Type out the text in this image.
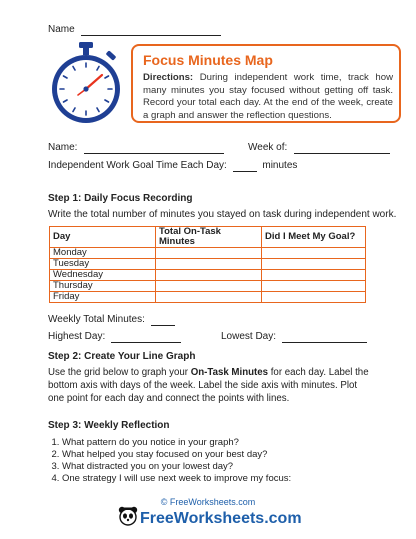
Name
Focus Minutes Map
Directions: During independent work time, track how many minutes you stay focused without getting off task. Record your total each day. At the end of the week, create a graph and answer the reflection questions.
Name:	Week of:
Independent Work Goal Time Each Day:	minutes
Step 1: Daily Focus Recording
Write the total number of minutes you stayed on task during independent work.
Day	Total On-Task Minutes	Did I Meet My Goal?
Monday		
Tuesday		
Wednesday		
Thursday		
Friday		
Weekly Total Minutes:
Highest Day:	Lowest Day:
Step 2: Create Your Line Graph
Use the grid below to graph your On-Task Minutes for each day. Label the bottom axis with days of the week. Label the side axis with minutes. Plot one point for each day and connect the points with lines.
Step 3: Weekly Reflection
1. What pattern do you notice in your graph?
2. What helped you stay focused on your best day?
3. What distracted you on your lowest day?
4. One strategy I will use next week to improve my focus:
© FreeWorksheets.com
FreeWorksheets.com
